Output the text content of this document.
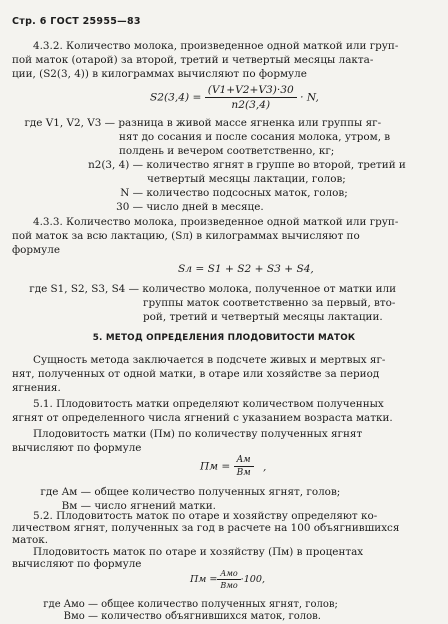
Стр. 6 ГОСТ 25955—83
4.3.2. Количество молока, произведенное одной маткой или груп-
пой маток (отарой) за второй, третий и четвертый месяцы лакта-
ции, (S2(3, 4)) в килограммах вычисляют по формуле
$S2(3,4) = \frac{(V1+V2+V3)\cdot 30}{n2(3,4)} \cdot N$,
где V1, V2, V3 — разница в живой массе ягненка или группы яг-
нят до сосания и после сосания молока, утром, в
полдень и вечером соответственно, кг;
n2(3, 4) — количество ягнят в группе во второй, третий и
четвертый месяцы лактации, голов;
N — количество подсосных маток, голов;
30 — число дней в месяце.
4.3.3. Количество молока, произведенное одной маткой или груп-
пой маток за всю лактацию, (Sл) в килограммах вычисляют по
формуле
Sл = S1 + S2 + S3 + S4,
где S1, S2, S3, S4 — количество молока, полученное от матки или
группы маток соответственно за первый, вто-
рой, третий и четвертый месяцы лактации.
5. МЕТОД ОПРЕДЕЛЕНИЯ ПЛОДОВИТОСТИ МАТОК
Сущность метода заключается в подсчете живых и мертвых яг-
нят, полученных от одной матки, в отаре или хозяйстве за период
ягнения.
5.1. Плодовитость матки определяют количеством полученных
ягнят от определенного числа ягнений с указанием возраста матки.
Плодовитость матки (Пм) по количеству полученных ягнят
вычисляют по формуле
Пм = $\frac{Aм}{Bм}$ ,
где Aм — общее количество полученных ягнят, голов;
Bм — число ягнений матки.
5.2. Плодовитость маток по отаре и хозяйству определяют ко-
личеством ягнят, полученных за год в расчете на 100 объягнившихся
маток.
Плодовитость маток по отаре и хозяйству (Пм) в процентах
вычисляют по формуле
Пм = $\frac{\text{Aмо}}{\text{Bмо}} \cdot 100$,
где Aмо — общее количество полученных ягнят, голов;
Bмо — количество объягнившихся маток, голов.
